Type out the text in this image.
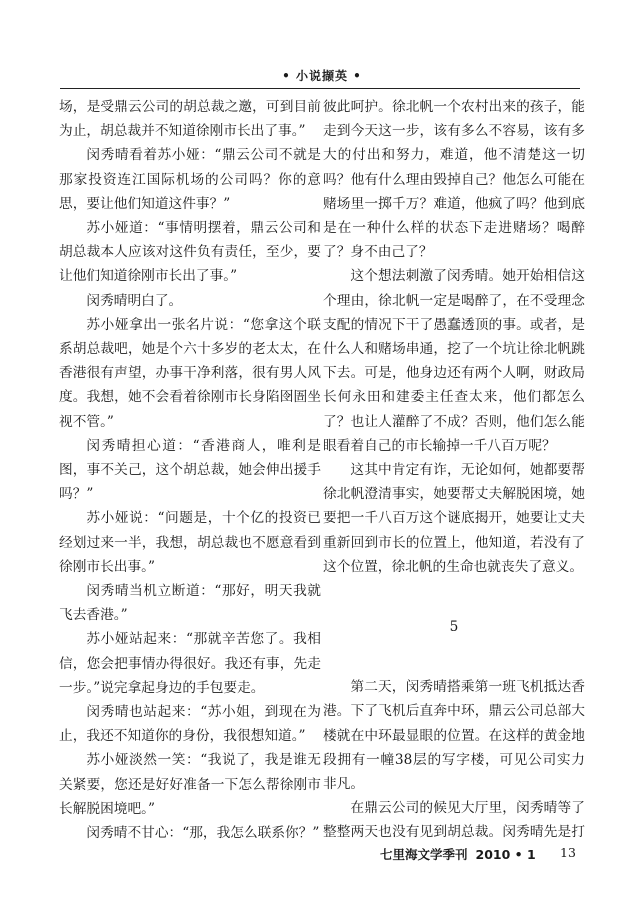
• 小说撷英 •

场，是受鼎云公司的胡总裁之邀，可到目前为止，胡总裁并不知道徐刚市长出了事。”

闵秀晴看着苏小娅：“鼎云公司不就是那家投资连江国际机场的公司吗？你的意思，要让他们知道这件事？”

苏小娅道：“事情明摆着，鼎云公司和胡总裁本人应该对这件负有责任，至少，要让他们知道徐刚市长出了事。”

闵秀晴明白了。

苏小娅拿出一张名片说：“您拿这个联系胡总裁吧，她是个六十多岁的老太太，在香港很有声望，办事干净利落，很有男人风度。我想，她不会看着徐刚市长身陷囹圄坐视不管。”

闵秀晴担心道：“香港商人，唯利是图，事不关己，这个胡总裁，她会伸出援手吗？”

苏小娅说：“问题是，十个亿的投资已经划过来一半，我想，胡总裁也不愿意看到徐刚市长出事。”

闵秀晴当机立断道：“那好，明天我就飞去香港。”

苏小娅站起来：“那就辛苦您了。我相信，您会把事情办得很好。我还有事，先走一步。”说完拿起身边的手包要走。

闵秀晴也站起来：“苏小姐，到现在为止，我还不知道你的身份，我很想知道。”

苏小娅淡然一笑：“我说了，我是谁无关紧要，您还是好好准备一下怎么帮徐刚市长解脱困境吧。”

闵秀晴不甘心：“那，我怎么联系你？”

彼此呵护。徐北帆一个农村出来的孩子，能走到今天这一步，该有多么不容易，该有多大的付出和努力，难道，他不清楚这一切吗？他有什么理由毁掉自己？他怎么可能在赌场里一掷千万？难道，他疯了吗？他到底是在一种什么样的状态下走进赌场？喝醉了？身不由己了？

这个想法刺激了闵秀晴。她开始相信这个理由，徐北帆一定是喝醉了，在不受理念支配的情况下干了愚蠢透顶的事。或者，是什么人和赌场串通，挖了一个坑让徐北帆跳下去。可是，他身边还有两个人啊，财政局长何永田和建委主任查太来，他们都怎么了？也让人灌醉了不成？否则，他们怎么能眼看着自己的市长输掉一千八百万呢？

这其中肯定有诈，无论如何，她都要帮徐北帆澄清事实，她要帮丈夫解脱困境，她要把一千八百万这个谜底揭开，她要让丈夫重新回到市长的位置上，他知道，若没有了这个位置，徐北帆的生命也就丧失了意义。

5

第二天，闵秀晴搭乘第一班飞机抵达香港。下了飞机后直奔中环，鼎云公司总部大楼就在中环最显眼的位置。在这样的黄金地段拥有一幢38层的写字楼，可见公司实力非凡。

在鼎云公司的候见大厅里，闵秀晴等了整整两天也没有见到胡总裁。闵秀晴先是打

七里海文学季刊 2010 • 1 13
